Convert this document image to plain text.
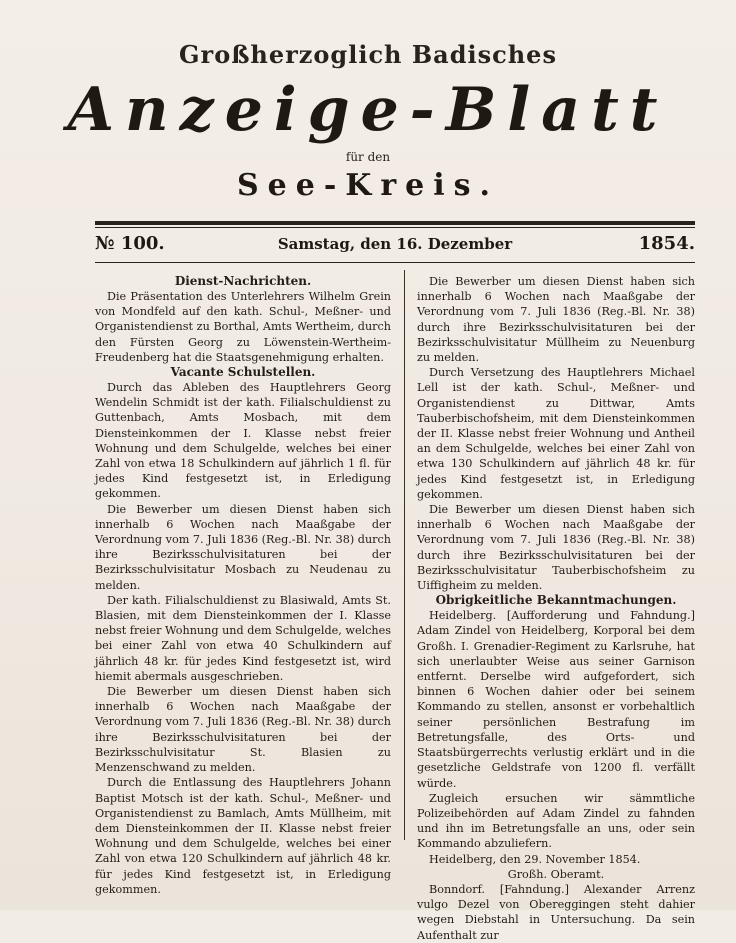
Großherzoglich Badisches
Anzeige-Blatt
für den
See-Kreis.
№ 100.	Samstag, den 16. Dezember	1854.
Dienst-Nachrichten.

Die Präsentation des Unterlehrers Wilhelm Grein von Mondfeld auf den kath. Schul-, Meßner- und Organistendienst zu Borthal, Amts Wertheim, durch den Fürsten Georg zu Löwenstein-Wertheim-Freudenberg hat die Staatsgenehmigung erhalten.

Vacante Schulstellen.

Durch das Ableben des Hauptlehrers Georg Wendelin Schmidt ist der kath. Filialschuldienst zu Guttenbach, Amts Mosbach, mit dem Diensteinkommen der I. Klasse nebst freier Wohnung und dem Schulgelde, welches bei einer Zahl von etwa 18 Schulkindern auf jährlich 1 fl. für jedes Kind festgesetzt ist, in Erledigung gekommen.

Die Bewerber um diesen Dienst haben sich innerhalb 6 Wochen nach Maaßgabe der Verordnung vom 7. Juli 1836 (Reg.-Bl. Nr. 38) durch ihre Bezirksschulvisitaturen bei der Bezirksschulvisitatur Mosbach zu Neudenau zu melden.

Der kath. Filialschuldienst zu Blasiwald, Amts St. Blasien, mit dem Diensteinkommen der I. Klasse nebst freier Wohnung und dem Schulgelde, welches bei einer Zahl von etwa 40 Schulkindern auf jährlich 48 kr. für jedes Kind festgesetzt ist, wird hiemit abermals ausgeschrieben.

Die Bewerber um diesen Dienst haben sich innerhalb 6 Wochen nach Maaßgabe der Verordnung vom 7. Juli 1836 (Reg.-Bl. Nr. 38) durch ihre Bezirksschulvisitaturen bei der Bezirksschulvisitatur St. Blasien zu Menzenschwand zu melden.

Durch die Entlassung des Hauptlehrers Johann Baptist Motsch ist der kath. Schul-, Meßner- und Organistendienst zu Bamlach, Amts Müllheim, mit dem Diensteinkommen der II. Klasse nebst freier Wohnung und dem Schulgelde, welches bei einer Zahl von etwa 120 Schulkindern auf jährlich 48 kr. für jedes Kind festgesetzt ist, in Erledigung gekommen.

Die Bewerber um diesen Dienst haben sich innerhalb 6 Wochen nach Maaßgabe der Verordnung vom 7. Juli 1836 (Reg.-Bl. Nr. 38) durch ihre Bezirksschulvisitaturen bei der Bezirksschulvisitatur Müllheim zu Neuenburg zu melden.

Durch Versetzung des Hauptlehrers Michael Lell ist der kath. Schul-, Meßner- und Organistendienst zu Dittwar, Amts Tauberbischofsheim, mit dem Diensteinkommen der II. Klasse nebst freier Wohnung und Antheil an dem Schulgelde, welches bei einer Zahl von etwa 130 Schulkindern auf jährlich 48 kr. für jedes Kind festgesetzt ist, in Erledigung gekommen.

Die Bewerber um diesen Dienst haben sich innerhalb 6 Wochen nach Maaßgabe der Verordnung vom 7. Juli 1836 (Reg.-Bl. Nr. 38) durch ihre Bezirksschulvisitaturen bei der Bezirksschulvisitatur Tauberbischofsheim zu Uiffigheim zu melden.

Obrigkeitliche Bekanntmachungen.

Heidelberg. [Aufforderung und Fahndung.] Adam Zindel von Heidelberg, Korporal bei dem Großh. I. Grenadier-Regiment zu Karlsruhe, hat sich unerlaubter Weise aus seiner Garnison entfernt. Derselbe wird aufgefordert, sich binnen 6 Wochen dahier oder bei seinem Kommando zu stellen, ansonst er vorbehaltlich seiner persönlichen Bestrafung im Betretungsfalle, des Orts- und Staatsbürgerrechts verlustig erklärt und in die gesetzliche Geldstrafe von 1200 fl. verfällt würde.

Zugleich ersuchen wir sämmtliche Polizeibehörden auf Adam Zindel zu fahnden und ihn im Betretungsfalle an uns, oder sein Kommando abzuliefern.

Heidelberg, den 29. November 1854.

Großh. Oberamt.

Bonndorf. [Fahndung.] Alexander Arrenz vulgo Dezel von Obereggingen steht dahier wegen Diebstahl in Untersuchung. Da sein Aufenthalt zur
